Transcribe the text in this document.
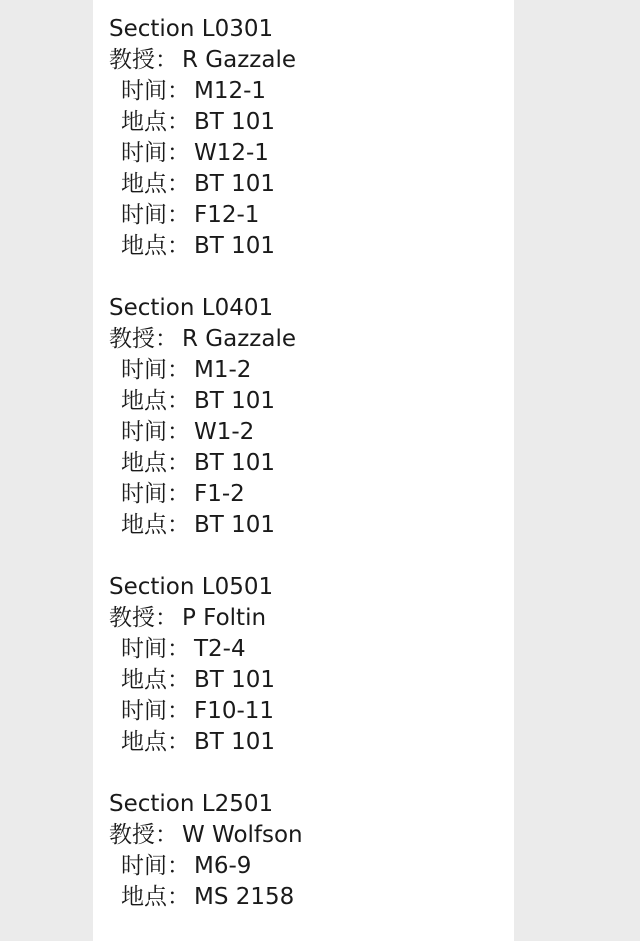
Section L0301
教授： R Gazzale
时间： M12-1
地点： BT 101
时间： W12-1
地点： BT 101
时间： F12-1
地点： BT 101
Section L0401
教授： R Gazzale
时间： M1-2
地点： BT 101
时间： W1-2
地点： BT 101
时间： F1-2
地点： BT 101
Section L0501
教授： P Foltin
时间： T2-4
地点： BT 101
时间： F10-11
地点： BT 101
Section L2501
教授： W Wolfson
时间： M6-9
地点： MS 2158
